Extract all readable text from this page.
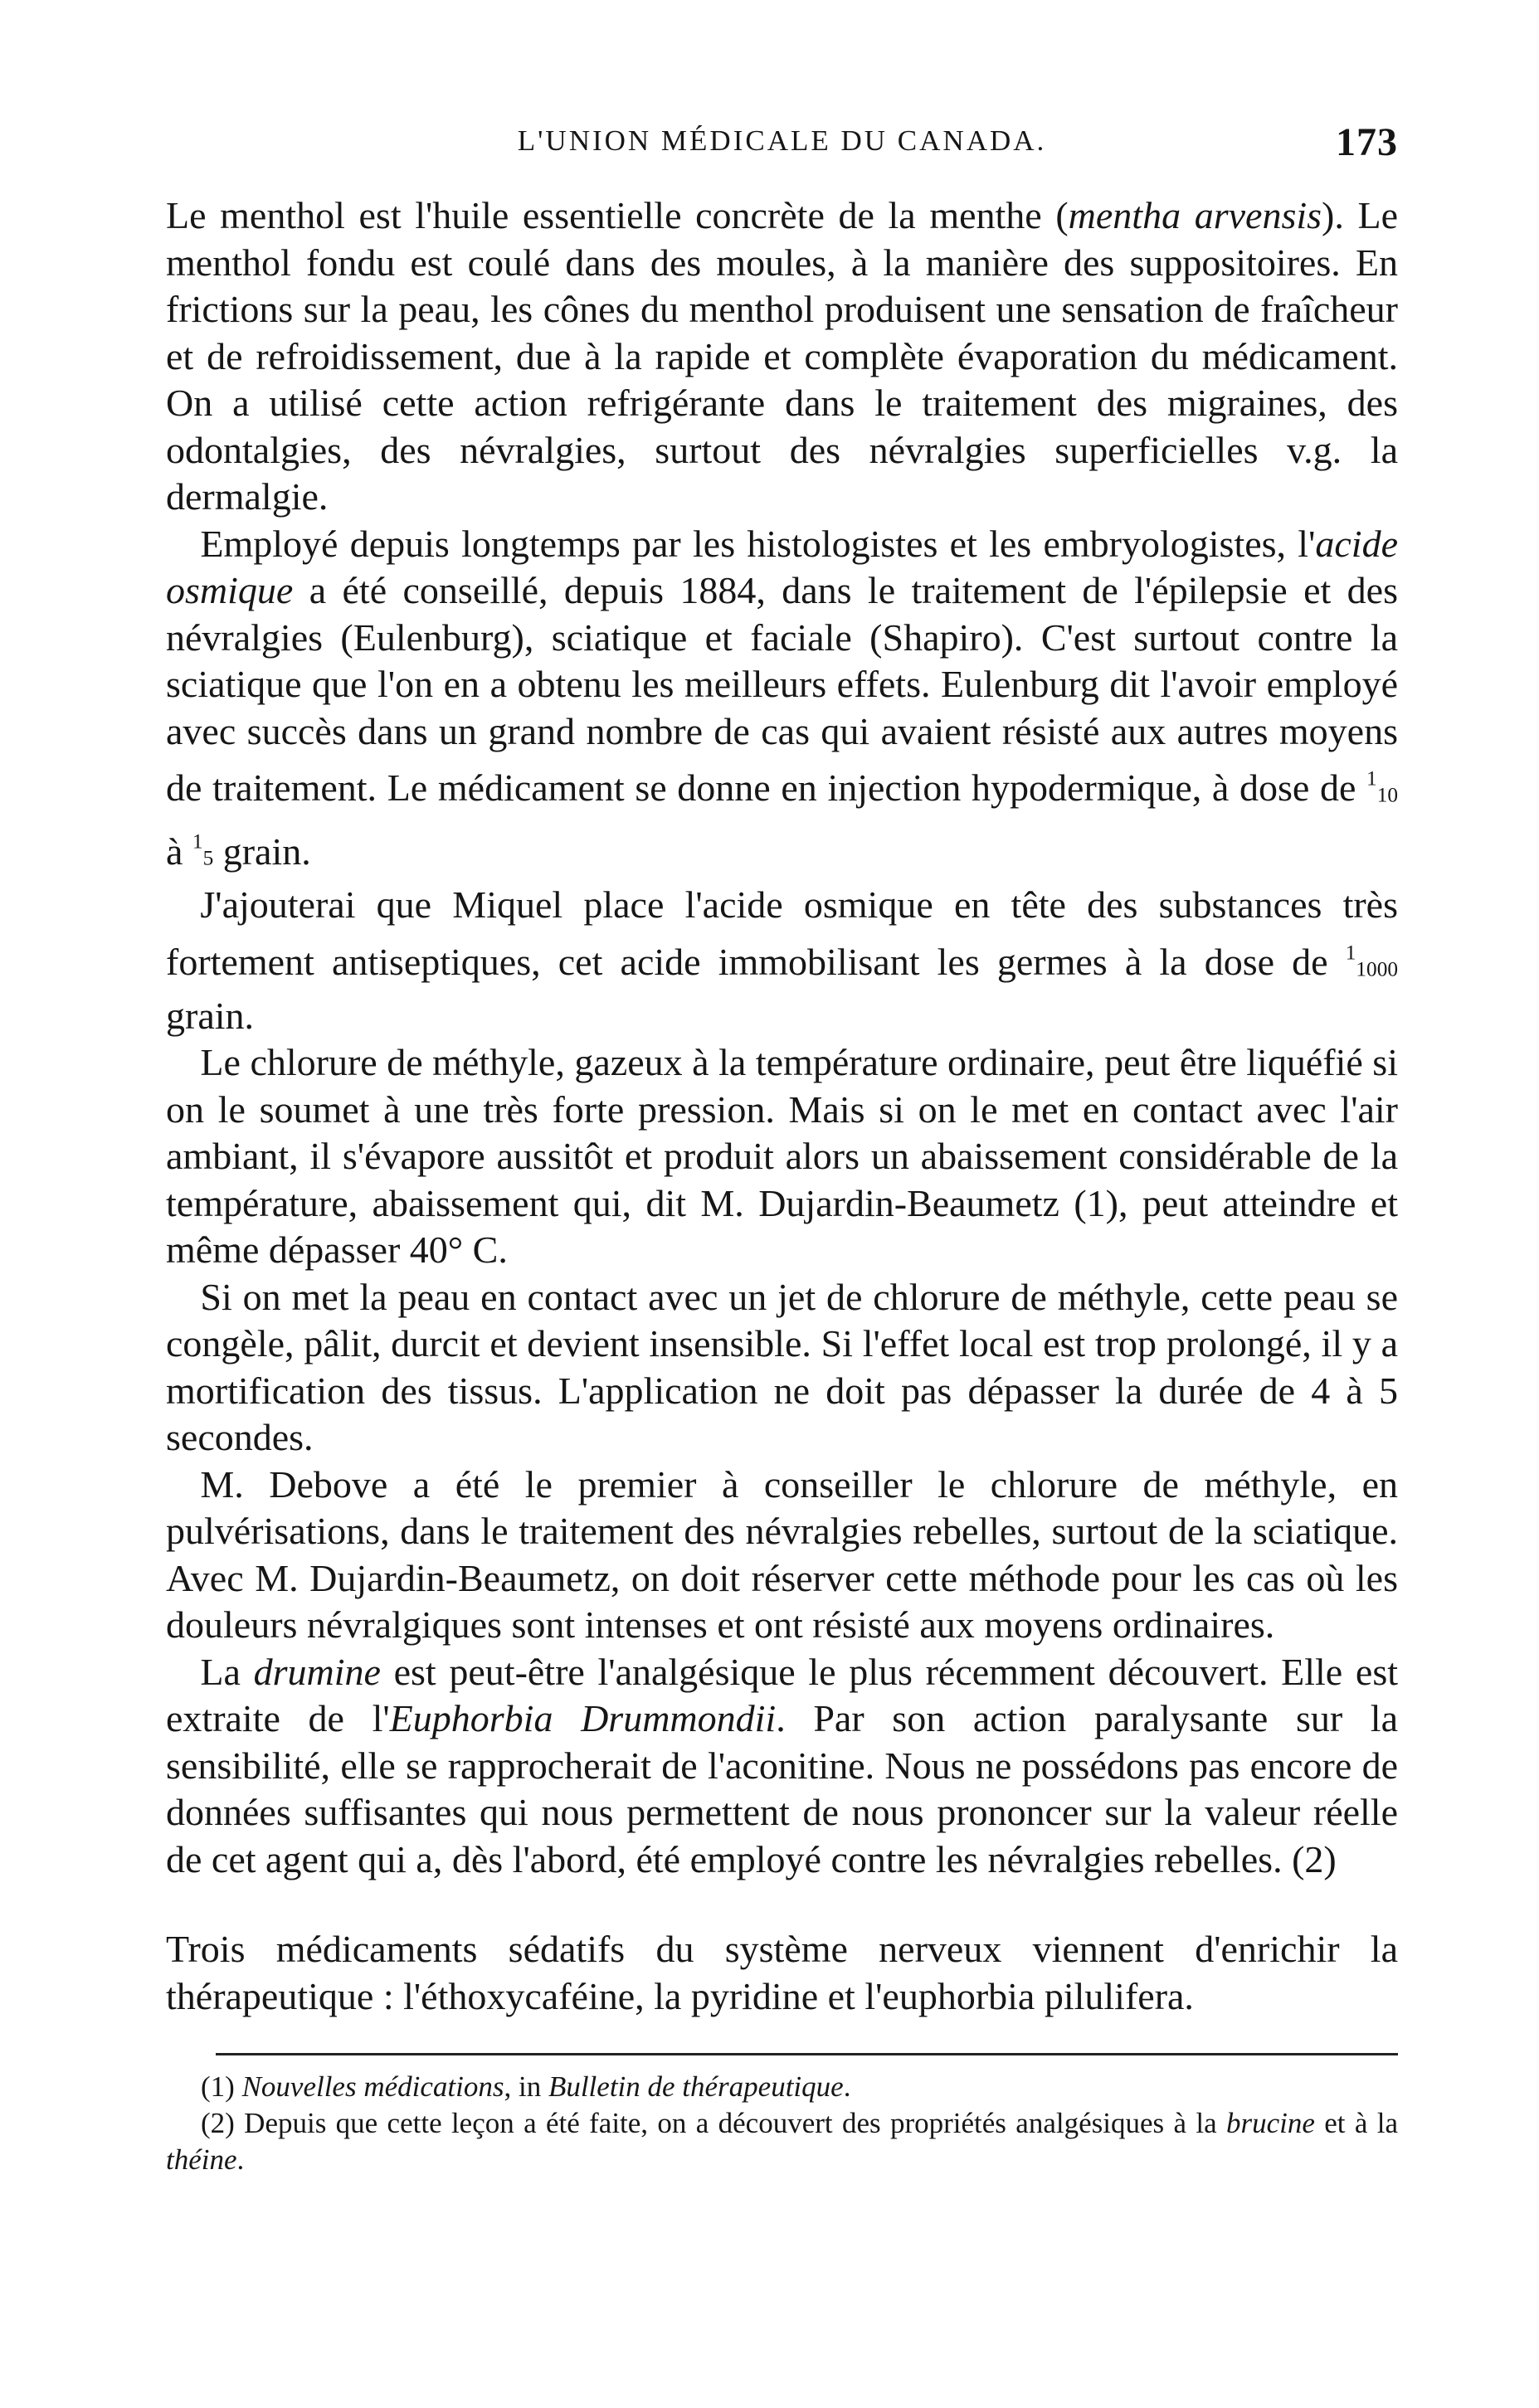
L'UNION MÉDICALE DU CANADA.	173

Le menthol est l'huile essentielle concrète de la menthe (mentha arvensis). Le menthol fondu est coulé dans des moules, à la manière des suppositoires. En frictions sur la peau, les cônes du menthol produisent une sensation de fraîcheur et de refroidissement, due à la rapide et complète évaporation du médicament. On a utilisé cette action refrigérante dans le traitement des migraines, des odontalgies, des névralgies, surtout des névralgies superficielles v.g. la dermalgie.

Employé depuis longtemps par les histologistes et les embryologistes, l'acide osmique a été conseillé, depuis 1884, dans le traitement de l'épilepsie et des névralgies (Eulenburg), sciatique et faciale (Shapiro). C'est surtout contre la sciatique que l'on en a obtenu les meilleurs effets. Eulenburg dit l'avoir employé avec succès dans un grand nombre de cas qui avaient résisté aux autres moyens de traitement. Le médicament se donne en injection hypodermique, à dose de $^{110}$ à $^{15}$ grain.

J'ajouterai que Miquel place l'acide osmique en tête des substances très fortement antiseptiques, cet acide immobilisant les germes à la dose de $^{11000}$ grain.

Le chlorure de méthyle, gazeux à la température ordinaire, peut être liquéfié si on le soumet à une très forte pression. Mais si on le met en contact avec l'air ambiant, il s'évapore aussitôt et produit alors un abaissement considérable de la température, abaissement qui, dit M. Dujardin-Beaumetz (1), peut atteindre et même dépasser 40° C.

Si on met la peau en contact avec un jet de chlorure de méthyle, cette peau se congèle, pâlit, durcit et devient insensible. Si l'effet local est trop prolongé, il y a mortification des tissus. L'application ne doit pas dépasser la durée de 4 à 5 secondes.

M. Debove a été le premier à conseiller le chlorure de méthyle, en pulvérisations, dans le traitement des névralgies rebelles, surtout de la sciatique. Avec M. Dujardin-Beaumetz, on doit réserver cette méthode pour les cas où les douleurs névralgiques sont intenses et ont résisté aux moyens ordinaires.

La drumine est peut-être l'analgésique le plus récemment découvert. Elle est extraite de l'Euphorbia Drummondii. Par son action paralysante sur la sensibilité, elle se rapprocherait de l'aconitine. Nous ne possédons pas encore de données suffisantes qui nous permettent de nous prononcer sur la valeur réelle de cet agent qui a, dès l'abord, été employé contre les névralgies rebelles. (2)

Trois médicaments sédatifs du système nerveux viennent d'enrichir la thérapeutique : l'éthoxycaféine, la pyridine et l'euphorbia pilulifera.

(1) Nouvelles médications, in Bulletin de thérapeutique.

(2) Depuis que cette leçon a été faite, on a découvert des propriétés analgésiques à la brucine et à la théine.
